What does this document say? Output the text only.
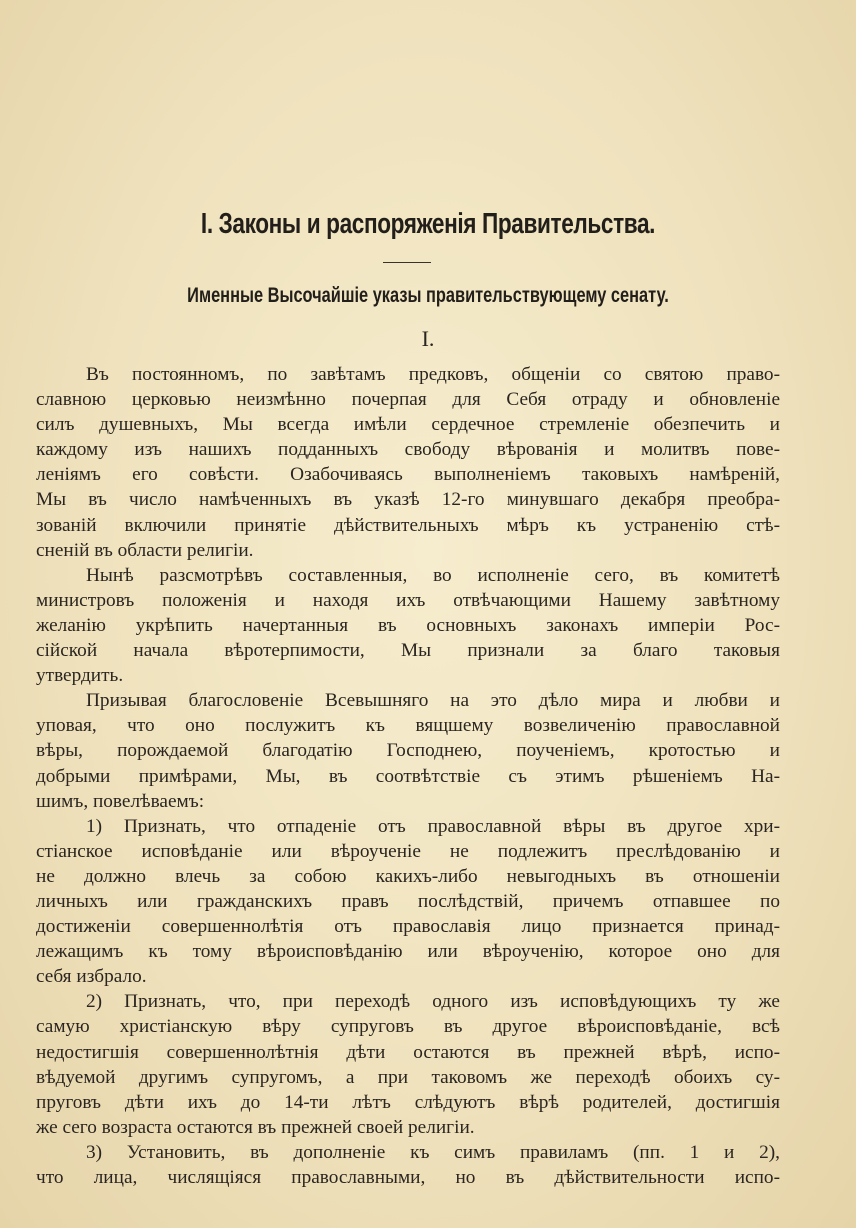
I. Законы и распоряженія Правительства.
Именные Высочайшіе указы правительствующему сенату.
I.
Въ постоянномъ, по завѣтамъ предковъ, общеніи со святою право-
славною церковью неизмѣнно почерпая для Себя отраду и обновленіе
силъ душевныхъ, Мы всегда имѣли сердечное стремленіе обезпечить и
каждому изъ нашихъ подданныхъ свободу вѣрованія и молитвъ пове-
леніямъ его совѣсти. Озабочиваясь выполненіемъ таковыхъ намѣреній,
Мы въ число намѣченныхъ въ указѣ 12-го минувшаго декабря преобра-
зованій включили принятіе дѣйствительныхъ мѣръ къ устраненію стѣ-
сненій въ области религіи.
Нынѣ разсмотрѣвъ составленныя, во исполненіе сего, въ комитетѣ
министровъ положенія и находя ихъ отвѣчающими Нашему завѣтному
желанію укрѣпить начертанныя въ основныхъ законахъ имперіи Рос-
сійской начала вѣротерпимости, Мы признали за благо таковыя
утвердить.
Призывая благословеніе Всевышняго на это дѣло мира и любви и
уповая, что оно послужитъ къ вящшему возвеличенію православной
вѣры, порождаемой благодатію Господнею, поученіемъ, кротостью и
добрыми примѣрами, Мы, въ соотвѣтствіе съ этимъ рѣшеніемъ На-
шимъ, повелѣваемъ:
1) Признать, что отпаденіе отъ православной вѣры въ другое хри-
стіанское исповѣданіе или вѣроученіе не подлежитъ преслѣдованію и
не должно влечь за собою какихъ-либо невыгодныхъ въ отношеніи
личныхъ или гражданскихъ правъ послѣдствій, причемъ отпавшее по
достиженіи совершеннолѣтія отъ православія лицо признается принад-
лежащимъ къ тому вѣроисповѣданію или вѣроученію, которое оно для
себя избрало.
2) Признать, что, при переходѣ одного изъ исповѣдующихъ ту же
самую христіанскую вѣру супруговъ въ другое вѣроисповѣданіе, всѣ
недостигшія совершеннолѣтнія дѣти остаются въ прежней вѣрѣ, испо-
вѣдуемой другимъ супругомъ, а при таковомъ же переходѣ обоихъ су-
пруговъ дѣти ихъ до 14-ти лѣтъ слѣдуютъ вѣрѣ родителей, достигшія
же сего возраста остаются въ прежней своей религіи.
3) Установить, въ дополненіе къ симъ правиламъ (пп. 1 и 2),
что лица, числящіяся православными, но въ дѣйствительности испо-
